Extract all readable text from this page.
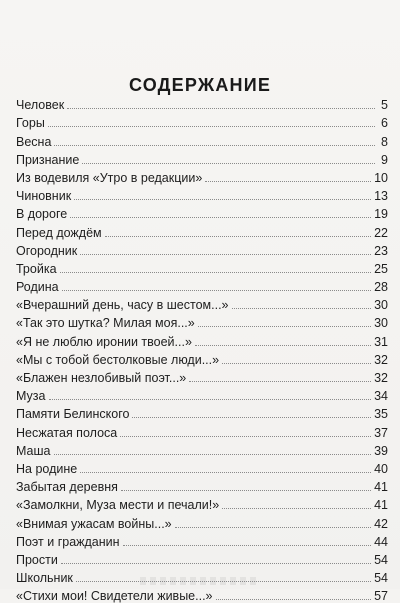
СОДЕРЖАНИЕ
Человек	5
Горы	6
Весна	8
Признание	9
Из водевиля «Утро в редакции»	10
Чиновник	13
В дороге	19
Перед дождём	22
Огородник	23
Тройка	25
Родина	28
«Вчерашний день, часу в шестом...»	30
«Так это шутка? Милая моя...»	30
«Я не люблю иронии твоей...»	31
«Мы с тобой бестолковые люди...»	32
«Блажен незлобивый поэт...»	32
Муза	34
Памяти Белинского	35
Несжатая полоса	37
Маша	39
На родине	40
Забытая деревня	41
«Замолкни, Муза мести и печали!»	41
«Внимая ужасам войны...»	42
Поэт и гражданин	44
Прости	54
Школьник	54
«Стихи мои! Свидетели живые...»	57
